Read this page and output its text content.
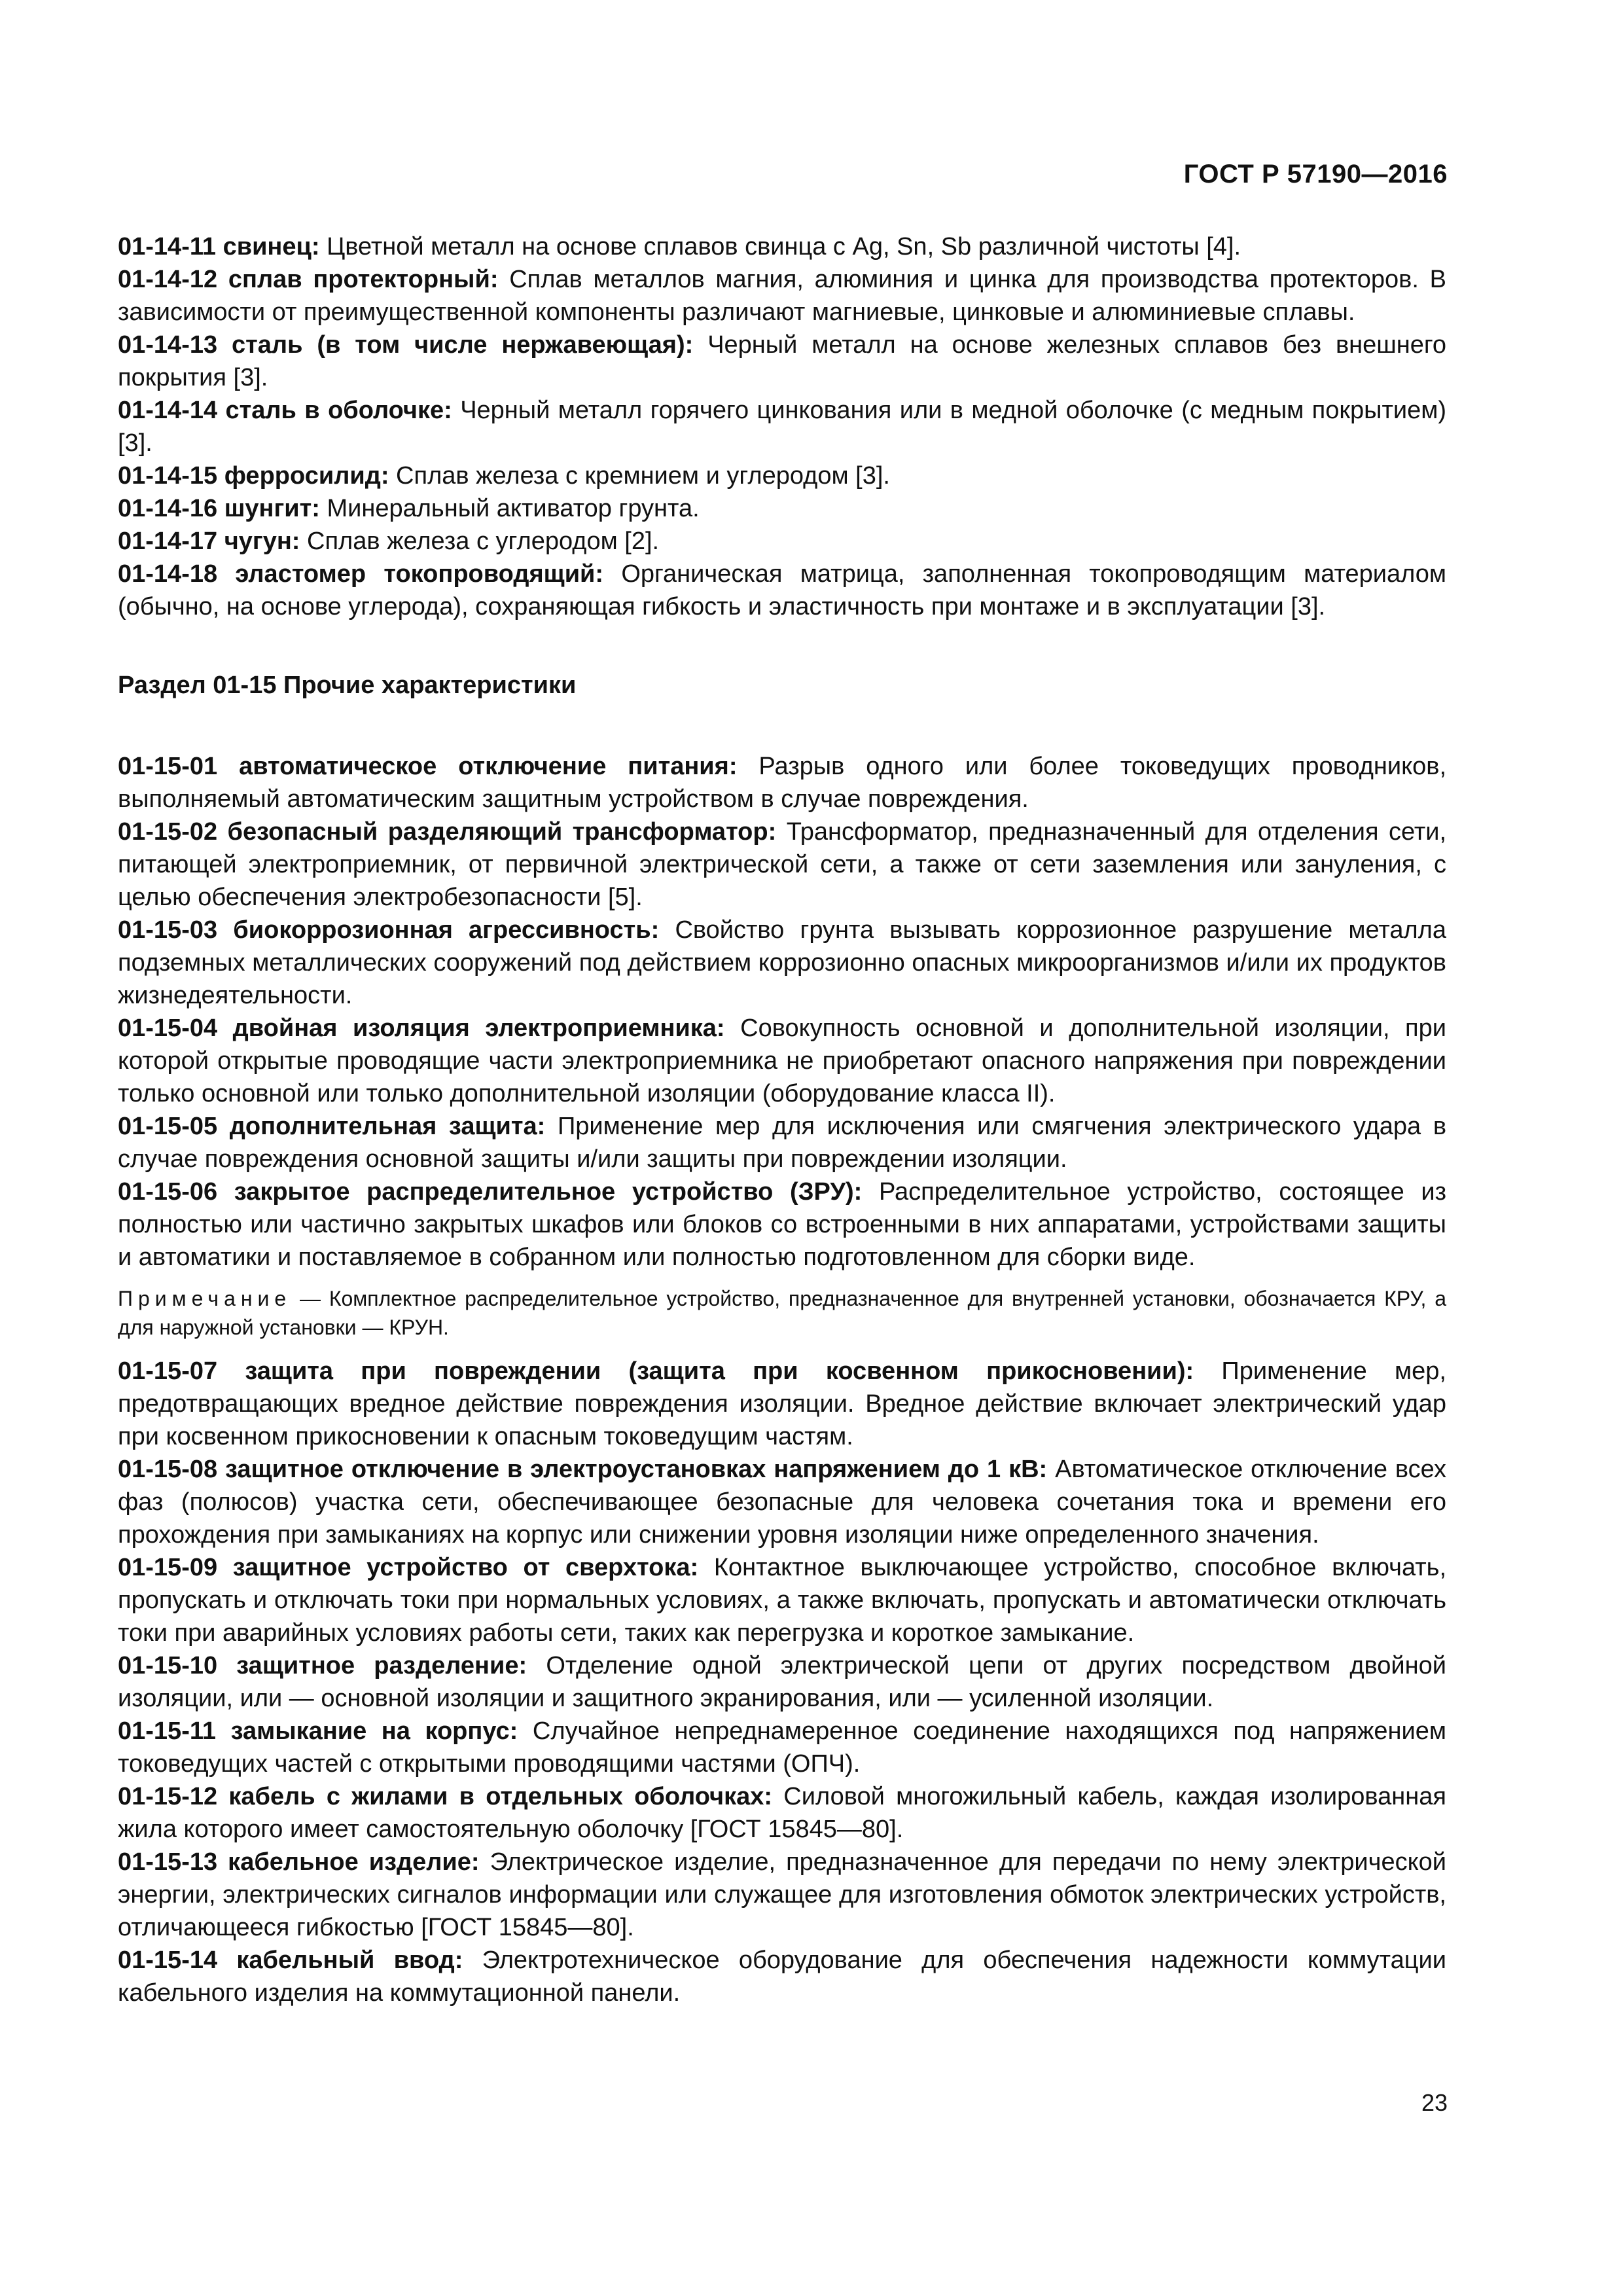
ГОСТ Р 57190—2016

01-14-11 свинец: Цветной металл на основе сплавов свинца с Ag, Sn, Sb различной чистоты [4].

01-14-12 сплав протекторный: Сплав металлов магния, алюминия и цинка для производства протекторов. В зависимости от преимущественной компоненты различают магниевые, цинковые и алюминиевые сплавы.

01-14-13 сталь (в том числе нержавеющая): Черный металл на основе железных сплавов без внешнего покрытия [3].

01-14-14 сталь в оболочке: Черный металл горячего цинкования или в медной оболочке (с медным покрытием) [3].

01-14-15 ферросилид: Сплав железа с кремнием и углеродом [3].

01-14-16 шунгит: Минеральный активатор грунта.

01-14-17 чугун: Сплав железа с углеродом [2].

01-14-18 эластомер токопроводящий: Органическая матрица, заполненная токопроводящим материалом (обычно, на основе углерода), сохраняющая гибкость и эластичность при монтаже и в эксплуатации [3].

Раздел 01-15 Прочие характеристики

01-15-01 автоматическое отключение питания: Разрыв одного или более токоведущих проводников, выполняемый автоматическим защитным устройством в случае повреждения.

01-15-02 безопасный разделяющий трансформатор: Трансформатор, предназначенный для отделения сети, питающей электроприемник, от первичной электрической сети, а также от сети заземления или зануления, с целью обеспечения электробезопасности [5].

01-15-03 биокоррозионная агрессивность: Свойство грунта вызывать коррозионное разрушение металла подземных металлических сооружений под действием коррозионно опасных микроорганизмов и/или их продуктов жизнедеятельности.

01-15-04 двойная изоляция электроприемника: Совокупность основной и дополнительной изоляции, при которой открытые проводящие части электроприемника не приобретают опасного напряжения при повреждении только основной или только дополнительной изоляции (оборудование класса II).

01-15-05 дополнительная защита: Применение мер для исключения или смягчения электрического удара в случае повреждения основной защиты и/или защиты при повреждении изоляции.

01-15-06 закрытое распределительное устройство (ЗРУ): Распределительное устройство, состоящее из полностью или частично закрытых шкафов или блоков со встроенными в них аппаратами, устройствами защиты и автоматики и поставляемое в собранном или полностью подготовленном для сборки виде.

Примечание — Комплектное распределительное устройство, предназначенное для внутренней установки, обозначается КРУ, а для наружной установки — КРУН.

01-15-07 защита при повреждении (защита при косвенном прикосновении): Применение мер, предотвращающих вредное действие повреждения изоляции. Вредное действие включает электрический удар при косвенном прикосновении к опасным токоведущим частям.

01-15-08 защитное отключение в электроустановках напряжением до 1 кВ: Автоматическое отключение всех фаз (полюсов) участка сети, обеспечивающее безопасные для человека сочетания тока и времени его прохождения при замыканиях на корпус или снижении уровня изоляции ниже определенного значения.

01-15-09 защитное устройство от сверхтока: Контактное выключающее устройство, способное включать, пропускать и отключать токи при нормальных условиях, а также включать, пропускать и автоматически отключать токи при аварийных условиях работы сети, таких как перегрузка и короткое замыкание.

01-15-10 защитное разделение: Отделение одной электрической цепи от других посредством двойной изоляции, или — основной изоляции и защитного экранирования, или — усиленной изоляции.

01-15-11 замыкание на корпус: Случайное непреднамеренное соединение находящихся под напряжением токоведущих частей с открытыми проводящими частями (ОПЧ).

01-15-12 кабель с жилами в отдельных оболочках: Силовой многожильный кабель, каждая изолированная жила которого имеет самостоятельную оболочку [ГОСТ 15845—80].

01-15-13 кабельное изделие: Электрическое изделие, предназначенное для передачи по нему электрической энергии, электрических сигналов информации или служащее для изготовления обмоток электрических устройств, отличающееся гибкостью [ГОСТ 15845—80].

01-15-14 кабельный ввод: Электротехническое оборудование для обеспечения надежности коммутации кабельного изделия на коммутационной панели.

23
